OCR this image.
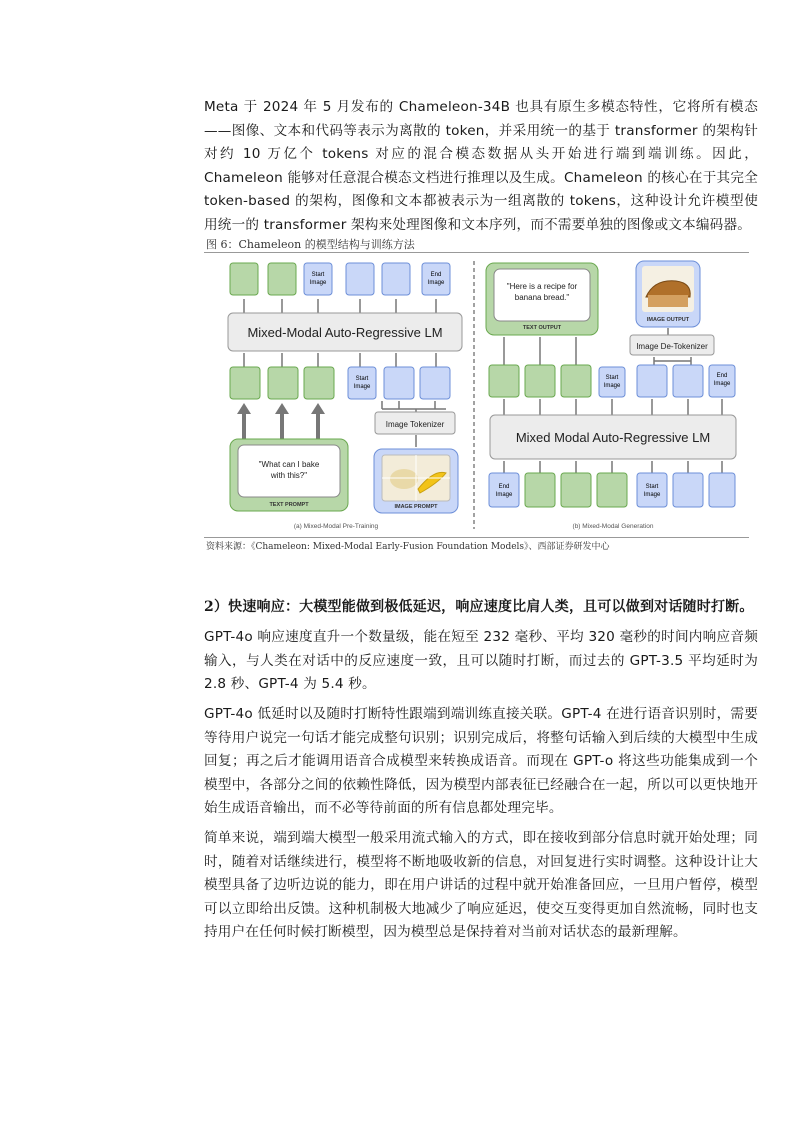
Meta 于 2024 年 5 月发布的 Chameleon-34B 也具有原生多模态特性，它将所有模态——图像、文本和代码等表示为离散的 token，并采用统一的基于 transformer 的架构针对约 10 万亿个 tokens 对应的混合模态数据从头开始进行端到端训练。因此，Chameleon 能够对任意混合模态文档进行推理以及生成。Chameleon 的核心在于其完全 token-based 的架构，图像和文本都被表示为一组离散的 tokens，这种设计允许模型使用统一的 transformer 架构来处理图像和文本序列，而不需要单独的图像或文本编码器。

图 6：Chameleon 的模型结构与训练方法
Start Image
End Image
Mixed-Modal Auto-Regressive LM
Start Image
Image Tokenizer
"What can I bake with this?"
TEXT PROMPT	IMAGE PROMPT
(a) Mixed-Modal Pre-Training
"Here is a recipe for banana bread."
TEXT OUTPUT
IMAGE OUTPUT
Image De-Tokenizer
Start Image
End Image
Mixed Modal Auto-Regressive LM
End Image
Start Image
(b) Mixed-Modal Generation
资料来源：《Chameleon: Mixed-Modal Early-Fusion Foundation Models》、西部证券研发中心
2）快速响应：大模型能做到极低延迟，响应速度比肩人类，且可以做到对话随时打断。

GPT-4o 响应速度直升一个数量级，能在短至 232 毫秒、平均 320 毫秒的时间内响应音频输入，与人类在对话中的反应速度一致，且可以随时打断，而过去的 GPT-3.5 平均延时为 2.8 秒、GPT-4 为 5.4 秒。

GPT-4o 低延时以及随时打断特性跟端到端训练直接关联。GPT-4 在进行语音识别时，需要等待用户说完一句话才能完成整句识别；识别完成后，将整句话输入到后续的大模型中生成回复；再之后才能调用语音合成模型来转换成语音。而现在 GPT-o 将这些功能集成到一个模型中，各部分之间的依赖性降低，因为模型内部表征已经融合在一起，所以可以更快地开始生成语音输出，而不必等待前面的所有信息都处理完毕。

简单来说，端到端大模型一般采用流式输入的方式，即在接收到部分信息时就开始处理；同时，随着对话继续进行，模型将不断地吸收新的信息，对回复进行实时调整。这种设计让大模型具备了边听边说的能力，即在用户讲话的过程中就开始准备回应，一旦用户暂停，模型可以立即给出反馈。这种机制极大地减少了响应延迟，使交互变得更加自然流畅，同时也支持用户在任何时候打断模型，因为模型总是保持着对当前对话状态的最新理解。
